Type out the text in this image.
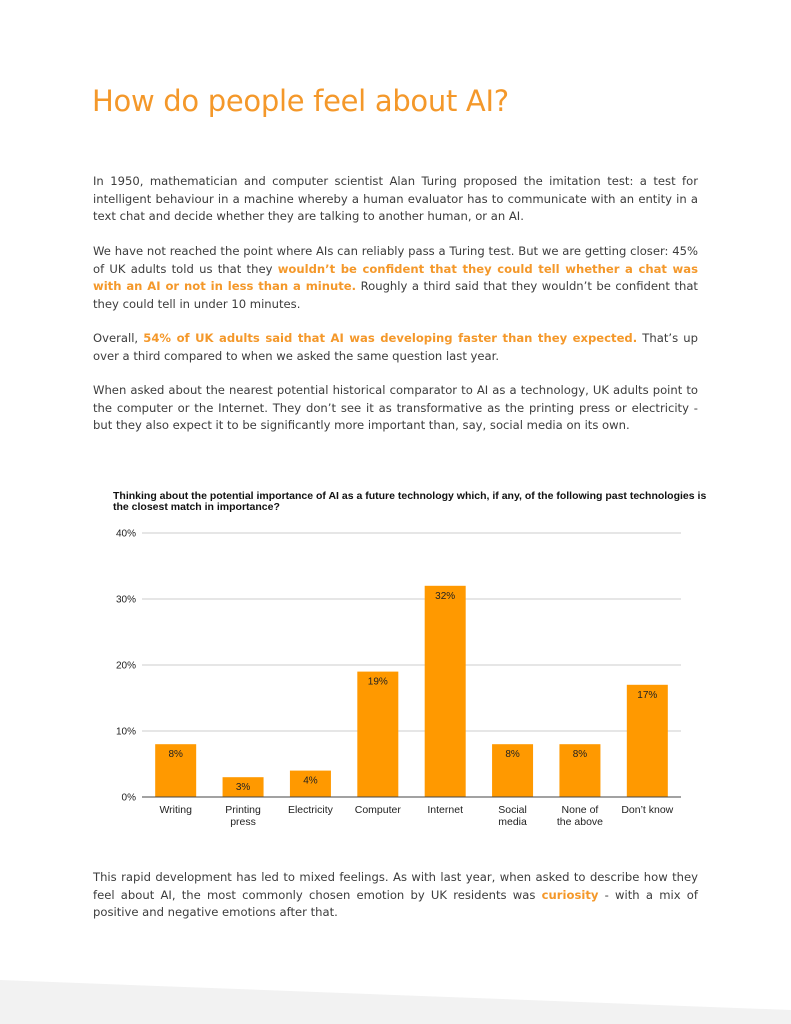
How do people feel about AI?

In 1950, mathematician and computer scientist Alan Turing proposed the imitation test: a test for intelligent behaviour in a machine whereby a human evaluator has to communicate with an entity in a text chat and decide whether they are talking to another human, or an AI.

We have not reached the point where AIs can reliably pass a Turing test. But we are getting closer: 45% of UK adults told us that they wouldn’t be confident that they could tell whether a chat was with an AI or not in less than a minute. Roughly a third said that they wouldn’t be confident that they could tell in under 10 minutes.

Overall, 54% of UK adults said that AI was developing faster than they expected. That’s up over a third compared to when we asked the same question last year.

When asked about the nearest potential historical comparator to AI as a technology, UK adults point to the computer or the Internet. They don’t see it as transformative as the printing press or electricity - but they also expect it to be significantly more important than, say, social media on its own.

Thinking about the potential importance of AI as a future technology which, if any, of the following past technologies is the closest match in importance?

0%
10%
20%
30%
40%
8%
Writing
3%
Printing
press
4%
Electricity
19%
Computer
32%
Internet
8%
Social
media
8%
None of
the above
17%
Don’t know

This rapid development has led to mixed feelings. As with last year, when asked to describe how they feel about AI, the most commonly chosen emotion by UK residents was curiosity - with a mix of positive and negative emotions after that.
